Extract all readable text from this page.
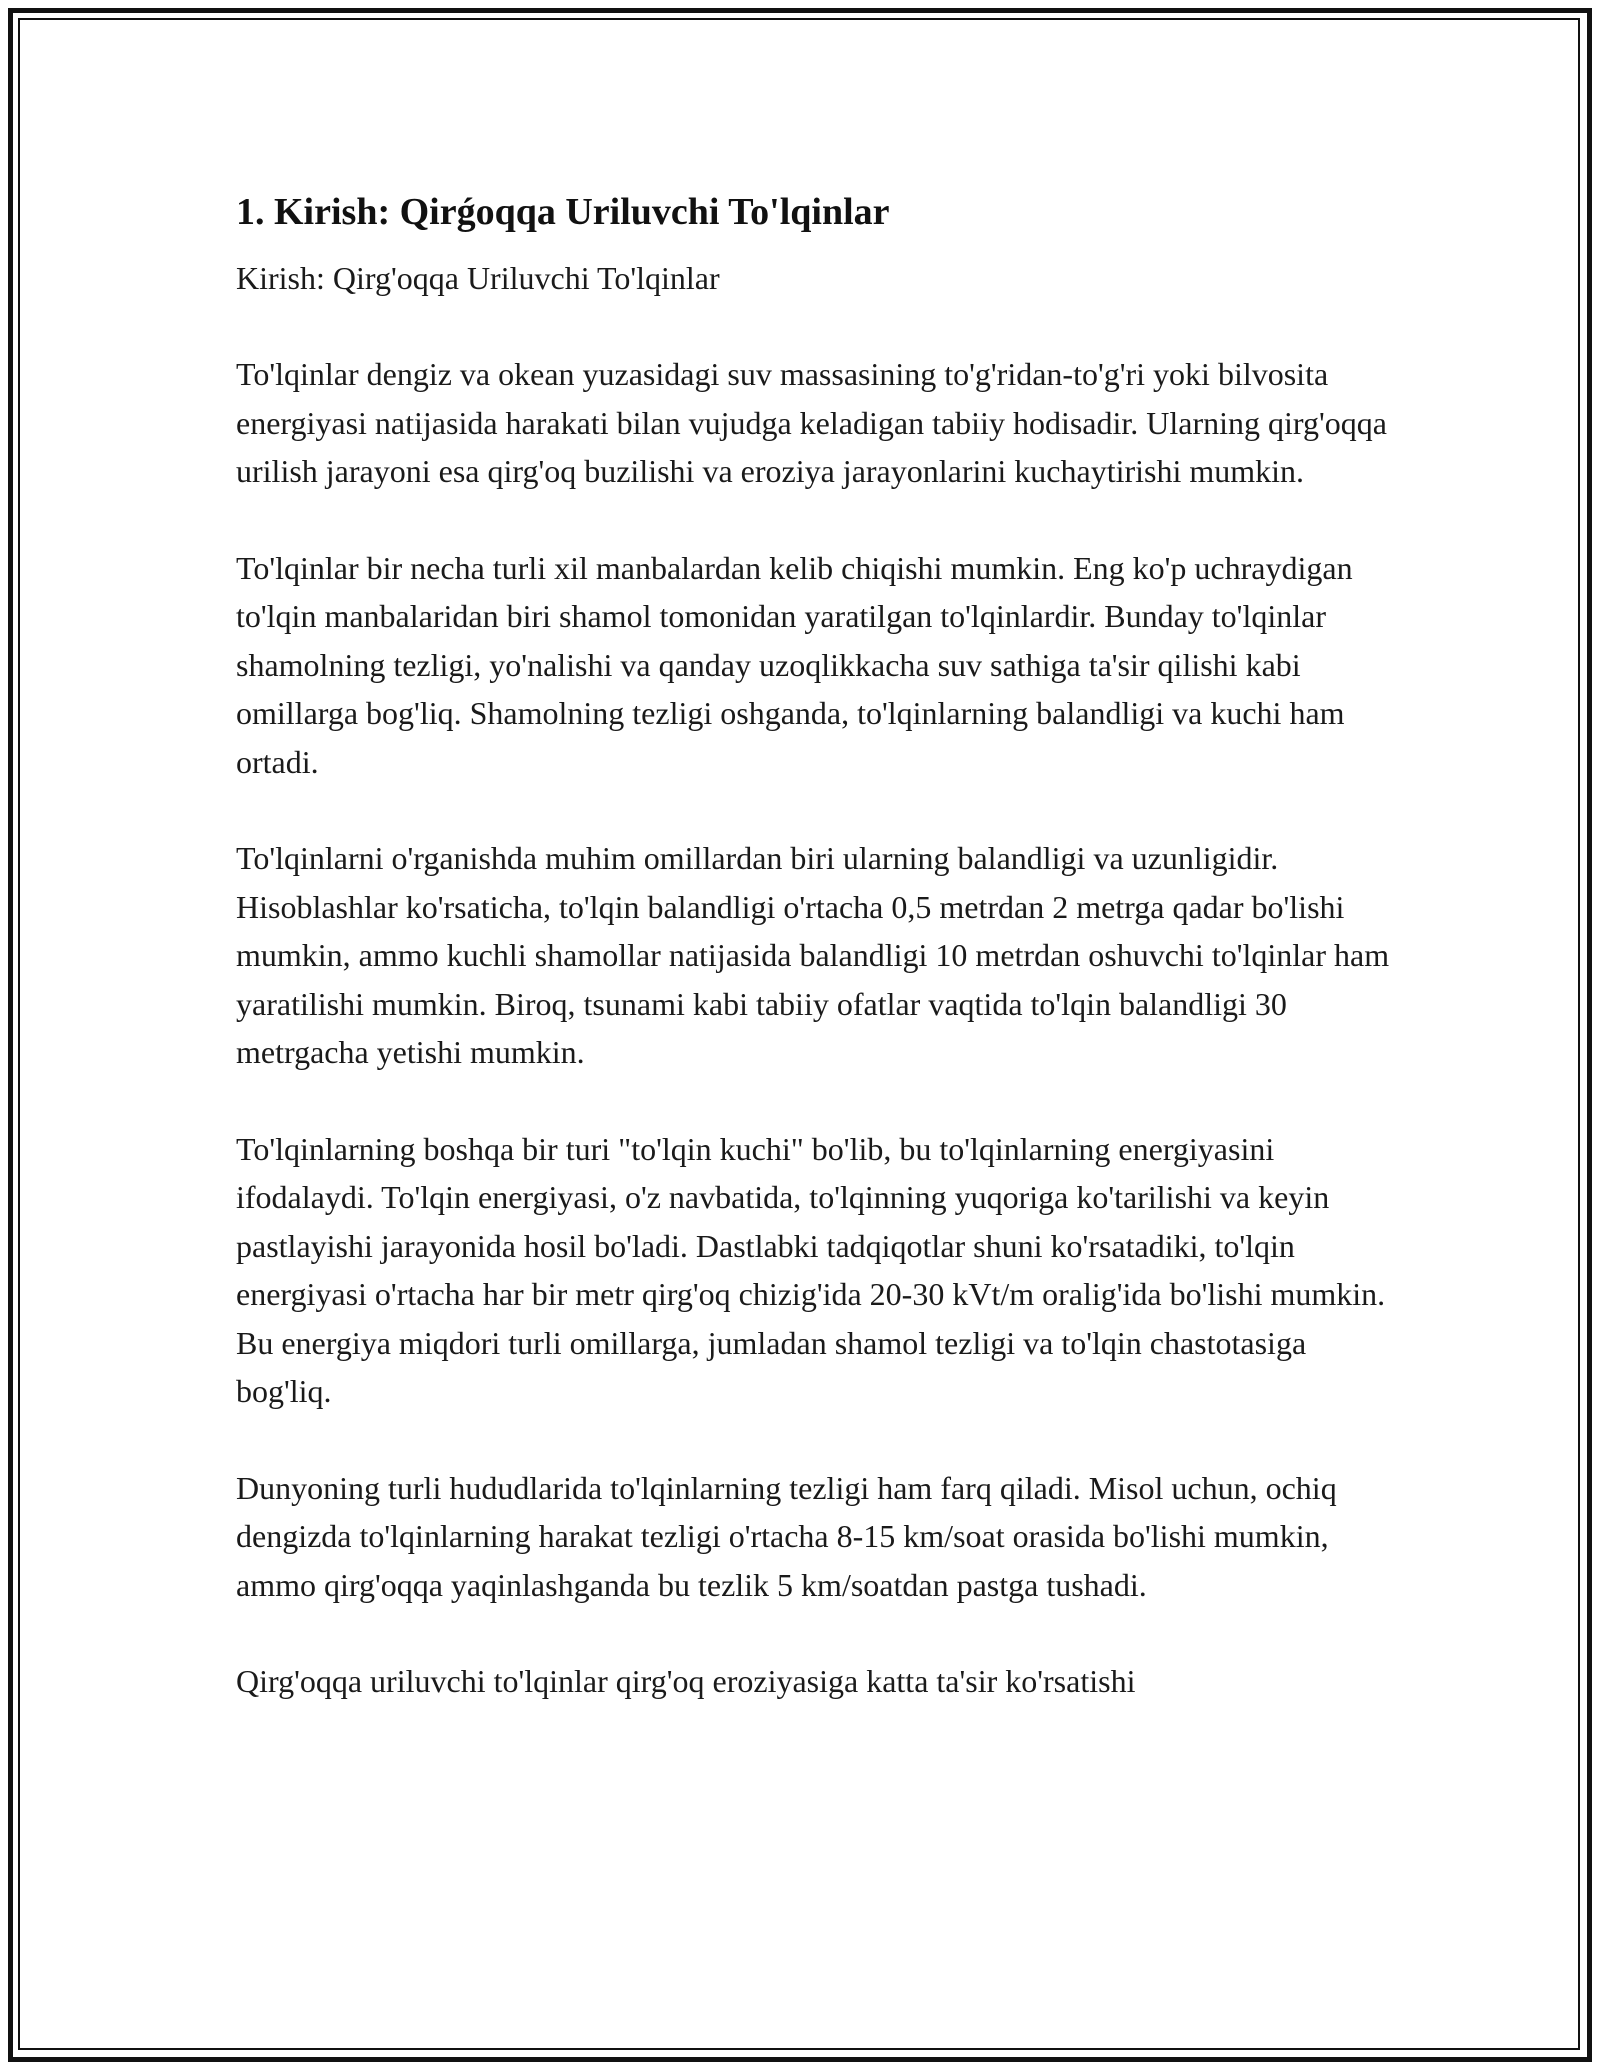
1. Kirish: Qirǵoqqa Uriluvchi To'lqinlar

Kirish: Qirg'oqqa Uriluvchi To'lqinlar

To'lqinlar dengiz va okean yuzasidagi suv massasining to'g'ridan-to'g'ri yoki bilvosita energiyasi natijasida harakati bilan vujudga keladigan tabiiy hodisadir. Ularning qirg'oqqa urilish jarayoni esa qirg'oq buzilishi va eroziya jarayonlarini kuchaytirishi mumkin.

To'lqinlar bir necha turli xil manbalardan kelib chiqishi mumkin. Eng ko'p uchraydigan to'lqin manbalaridan biri shamol tomonidan yaratilgan to'lqinlardir. Bunday to'lqinlar shamolning tezligi, yo'nalishi va qanday uzoqlikkacha suv sathiga ta'sir qilishi kabi omillarga bog'liq. Shamolning tezligi oshganda, to'lqinlarning balandligi va kuchi ham ortadi.

To'lqinlarni o'rganishda muhim omillardan biri ularning balandligi va uzunligidir. Hisoblashlar ko'rsaticha, to'lqin balandligi o'rtacha 0,5 metrdan 2 metrga qadar bo'lishi mumkin, ammo kuchli shamollar natijasida balandligi 10 metrdan oshuvchi to'lqinlar ham yaratilishi mumkin. Biroq, tsunami kabi tabiiy ofatlar vaqtida to'lqin balandligi 30 metrgacha yetishi mumkin.

To'lqinlarning boshqa bir turi "to'lqin kuchi" bo'lib, bu to'lqinlarning energiyasini ifodalaydi. To'lqin energiyasi, o'z navbatida, to'lqinning yuqoriga ko'tarilishi va keyin pastlayishi jarayonida hosil bo'ladi. Dastlabki tadqiqotlar shuni ko'rsatadiki, to'lqin energiyasi o'rtacha har bir metr qirg'oq chizig'ida 20-30 kVt/m oralig'ida bo'lishi mumkin. Bu energiya miqdori turli omillarga, jumladan shamol tezligi va to'lqin chastotasiga bog'liq.

Dunyoning turli hududlarida to'lqinlarning tezligi ham farq qiladi. Misol uchun, ochiq dengizda to'lqinlarning harakat tezligi o'rtacha 8-15 km/soat orasida bo'lishi mumkin, ammo qirg'oqqa yaqinlashganda bu tezlik 5 km/soatdan pastga tushadi.

Qirg'oqqa uriluvchi to'lqinlar qirg'oq eroziyasiga katta ta'sir ko'rsatishi
